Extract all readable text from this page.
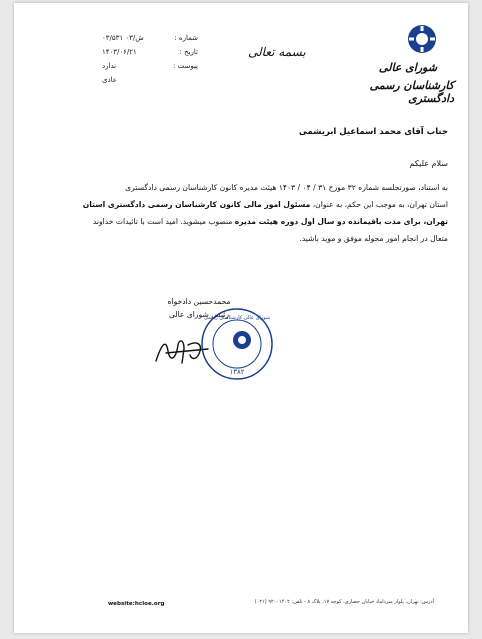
شماره :
۰۳/۵۳۱ ش/۰۳
تاریخ :
۱۴۰۳/۰۶/۲۱
پیوست :
ندارد
عادی
بسمه تعالی
شورای عالی
کارشناسان رسمی دادگستری
جناب آقای محمد اسماعیل ابریشمی
سلام علیکم
به استناد، صورتجلسه شماره ۳۲ مورخ ۳۱ / ۰۴ / ۱۴۰۳ هیئت مدیره کانون کارشناسان رسمی دادگستری
استان تهران، به موجب این حکم، به عنوان، مسئول امور مالی کانون کارشناسان رسمی دادگستری استان
تهران، برای مدت باقیمانده دو سال اول دوره هیئت مدیره منصوب میشوید. امید است با تائیدات خداوند
متعال در انجام امور محوله موفق و موید باشید.
محمدحسین دادخواه
رئیس شورای عالی
شورای عالی کارشناسان رسمی
۱۳۸۲
آدرس: تهران، بلوار میرداماد خیابان حصاری، کوچه ۱۷، پلاک ۸ - تلفن: ۹۲۰۰۱۴۰۲ (۰۲۱)
website:hcloe.org
